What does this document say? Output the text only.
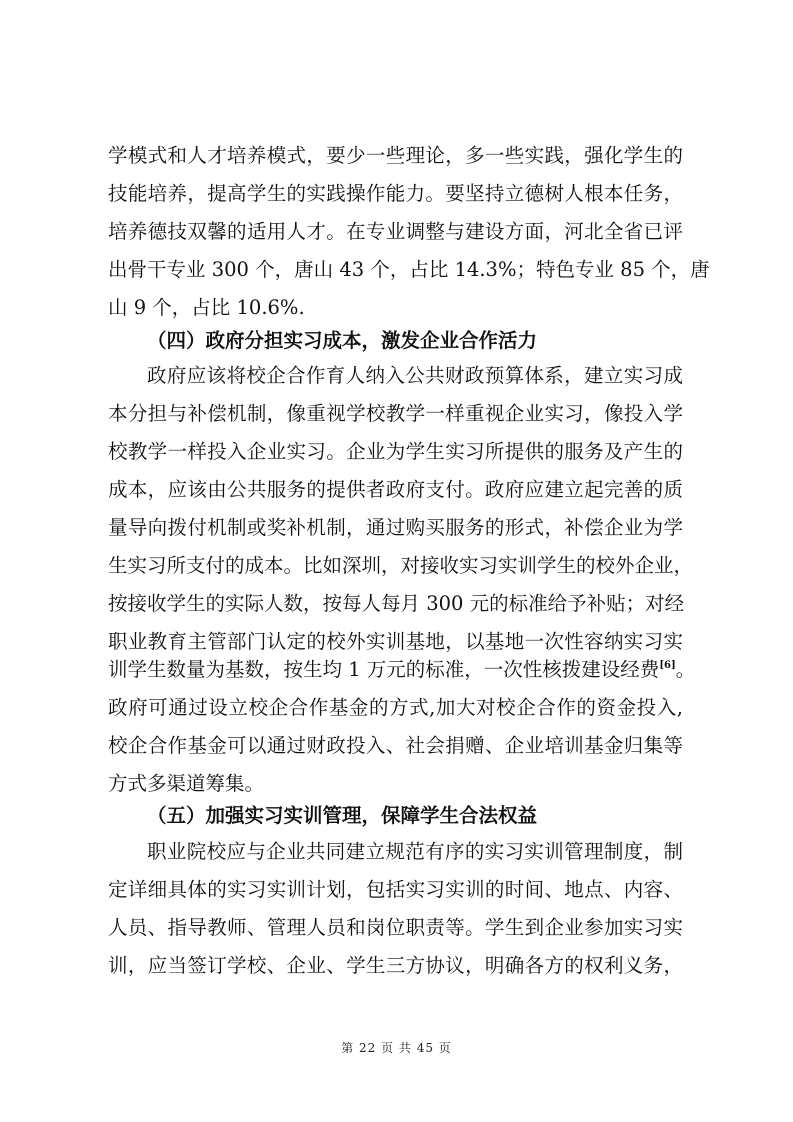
学模式和人才培养模式，要少一些理论，多一些实践，强化学生的
技能培养，提高学生的实践操作能力。要坚持立德树人根本任务，
培养德技双馨的适用人才。在专业调整与建设方面，河北全省已评
出骨干专业 300 个，唐山 43 个，占比 14.3%；特色专业 85 个，唐
山 9 个，占比 10.6%.
（四）政府分担实习成本，激发企业合作活力
政府应该将校企合作育人纳入公共财政预算体系，建立实习成
本分担与补偿机制，像重视学校教学一样重视企业实习，像投入学
校教学一样投入企业实习。企业为学生实习所提供的服务及产生的
成本，应该由公共服务的提供者政府支付。政府应建立起完善的质
量导向拨付机制或奖补机制，通过购买服务的形式，补偿企业为学
生实习所支付的成本。比如深圳，对接收实习实训学生的校外企业，
按接收学生的实际人数，按每人每月 300 元的标准给予补贴；对经
职业教育主管部门认定的校外实训基地，以基地一次性容纳实习实
训学生数量为基数，按生均 1 万元的标准，一次性核拨建设经费[6]。
政府可通过设立校企合作基金的方式,加大对校企合作的资金投入,
校企合作基金可以通过财政投入、社会捐赠、企业培训基金归集等
方式多渠道筹集。
（五）加强实习实训管理，保障学生合法权益
职业院校应与企业共同建立规范有序的实习实训管理制度，制
定详细具体的实习实训计划，包括实习实训的时间、地点、内容、
人员、指导教师、管理人员和岗位职责等。学生到企业参加实习实
训，应当签订学校、企业、学生三方协议，明确各方的权利义务，
第 22 页 共 45 页
